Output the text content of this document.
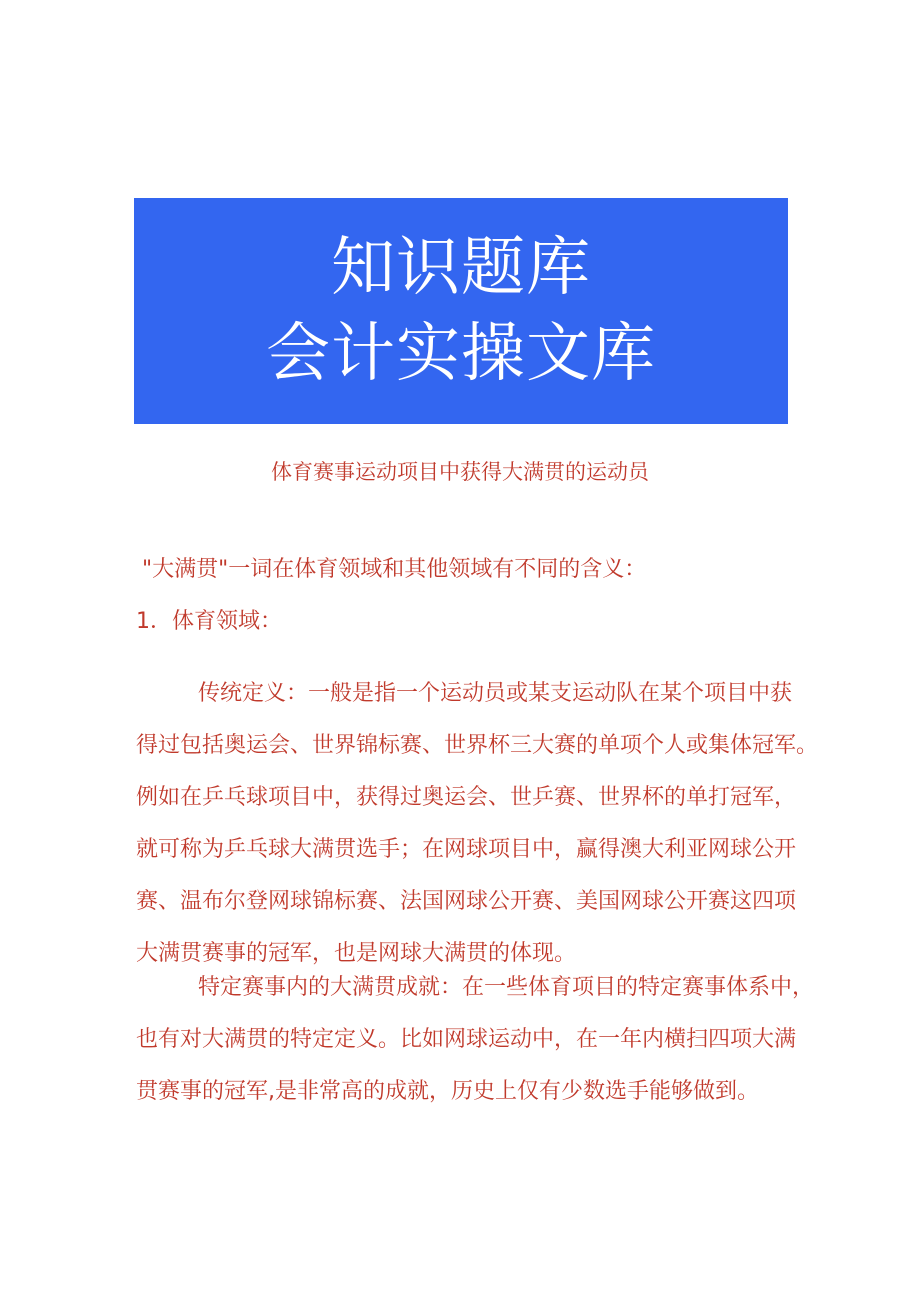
知识题库
会计实操文库
体育赛事运动项目中获得大满贯的运动员
"大满贯"一词在体育领域和其他领域有不同的含义：
1．体育领域：
传统定义：一般是指一个运动员或某支运动队在某个项目中获
得过包括奥运会、世界锦标赛、世界杯三大赛的单项个人或集体冠军。
例如在乒乓球项目中，获得过奥运会、世乒赛、世界杯的单打冠军，
就可称为乒乓球大满贯选手；在网球项目中，赢得澳大利亚网球公开
赛、温布尔登网球锦标赛、法国网球公开赛、美国网球公开赛这四项
大满贯赛事的冠军，也是网球大满贯的体现。
特定赛事内的大满贯成就：在一些体育项目的特定赛事体系中，
也有对大满贯的特定定义。比如网球运动中，在一年内横扫四项大满
贯赛事的冠军,是非常高的成就，历史上仅有少数选手能够做到。
